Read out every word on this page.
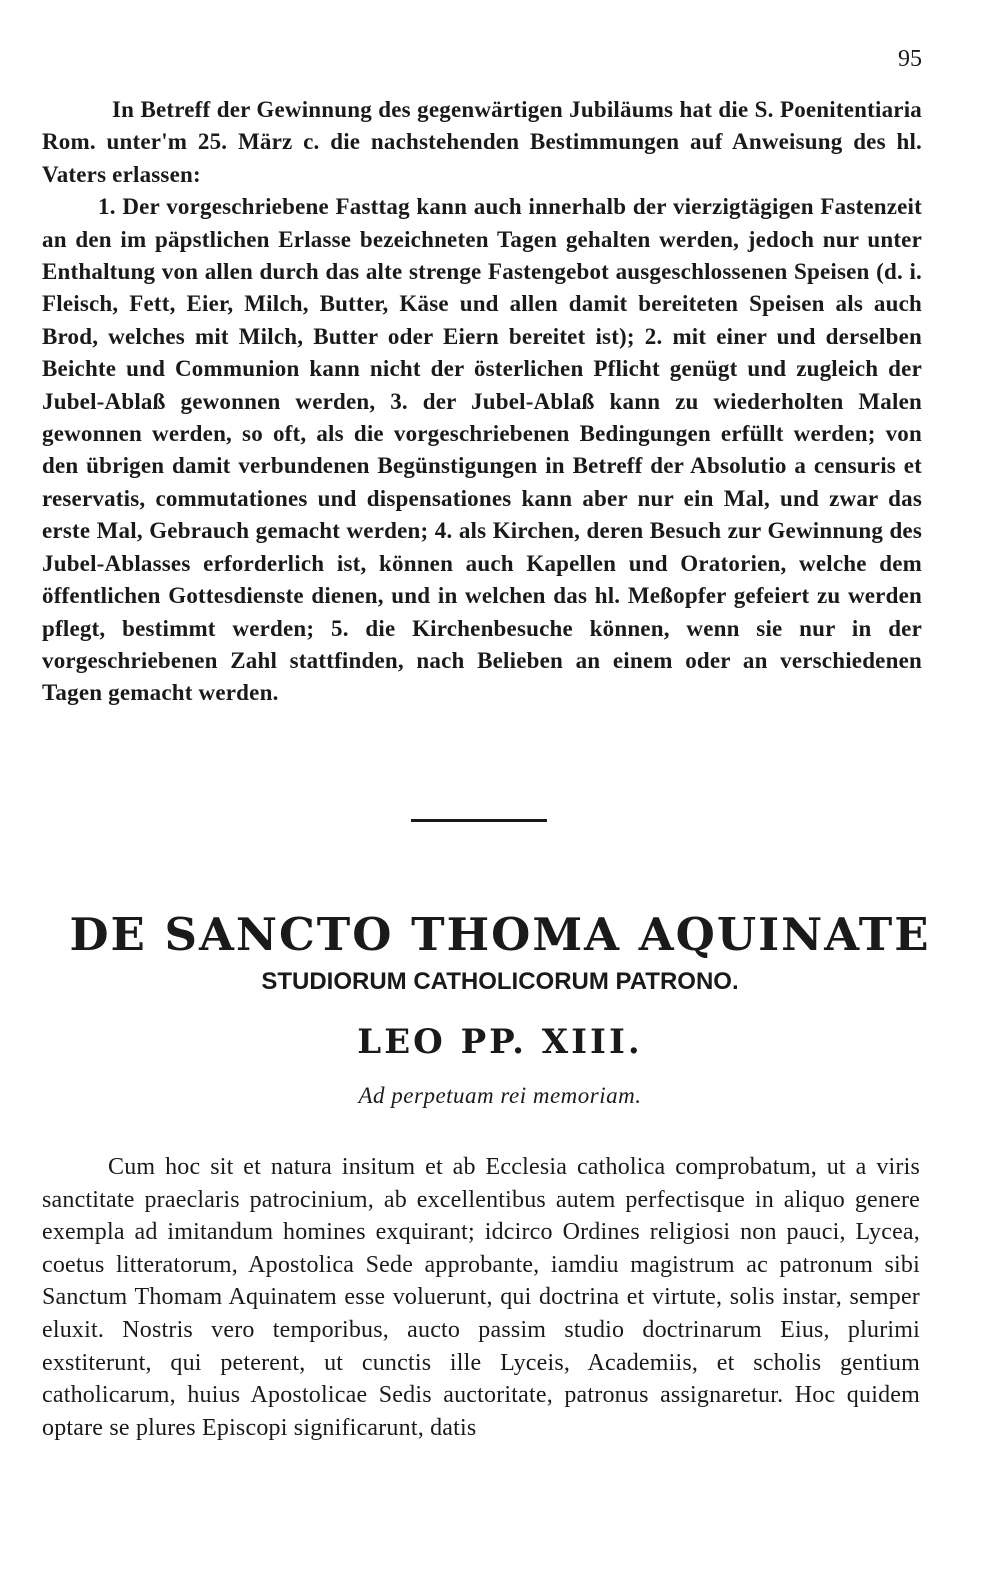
95

In Betreff der Gewinnung des gegenwärtigen Jubiläums hat die S. Poenitentiaria Rom. unter'm 25. März c. die nachstehenden Bestimmungen auf Anweisung des hl. Vaters erlassen:

1. Der vorgeschriebene Fasttag kann auch innerhalb der vierzigtägigen Fastenzeit an den im päpstlichen Erlasse bezeichneten Tagen gehalten werden, jedoch nur unter Enthaltung von allen durch das alte strenge Fastengebot ausgeschlossenen Speisen (d. i. Fleisch, Fett, Eier, Milch, Butter, Käse und allen damit bereiteten Speisen als auch Brod, welches mit Milch, Butter oder Eiern bereitet ist); 2. mit einer und derselben Beichte und Communion kann nicht der österlichen Pflicht genügt und zugleich der Jubel-Ablaß gewonnen werden, 3. der Jubel-Ablaß kann zu wiederholten Malen gewonnen werden, so oft, als die vorgeschriebenen Bedingungen erfüllt werden; von den übrigen damit verbundenen Begünstigungen in Betreff der Absolutio a censuris et reservatis, commutationes und dispensationes kann aber nur ein Mal, und zwar das erste Mal, Gebrauch gemacht werden; 4. als Kirchen, deren Besuch zur Gewinnung des Jubel-Ablasses erforderlich ist, können auch Kapellen und Oratorien, welche dem öffentlichen Gottesdienste dienen, und in welchen das hl. Meßopfer gefeiert zu werden pflegt, bestimmt werden; 5. die Kirchenbesuche können, wenn sie nur in der vorgeschriebenen Zahl stattfinden, nach Belieben an einem oder an verschiedenen Tagen gemacht werden.

DE SANCTO THOMA AQUINATE
STUDIORUM CATHOLICORUM PATRONO.
LEO PP. XIII.
Ad perpetuam rei memoriam.

Cum hoc sit et natura insitum et ab Ecclesia catholica comprobatum, ut a viris sanctitate praeclaris patrocinium, ab excellentibus autem perfectisque in aliquo genere exempla ad imitandum homines exquirant; idcirco Ordines religiosi non pauci, Lycea, coetus litteratorum, Apostolica Sede approbante, iamdiu magistrum ac patronum sibi Sanctum Thomam Aquinatem esse voluerunt, qui doctrina et virtute, solis instar, semper eluxit. Nostris vero temporibus, aucto passim studio doctrinarum Eius, plurimi exstiterunt, qui peterent, ut cunctis ille Lyceis, Academiis, et scholis gentium catholicarum, huius Apostolicae Sedis auctoritate, patronus assignaretur. Hoc quidem optare se plures Episcopi significarunt, datis
